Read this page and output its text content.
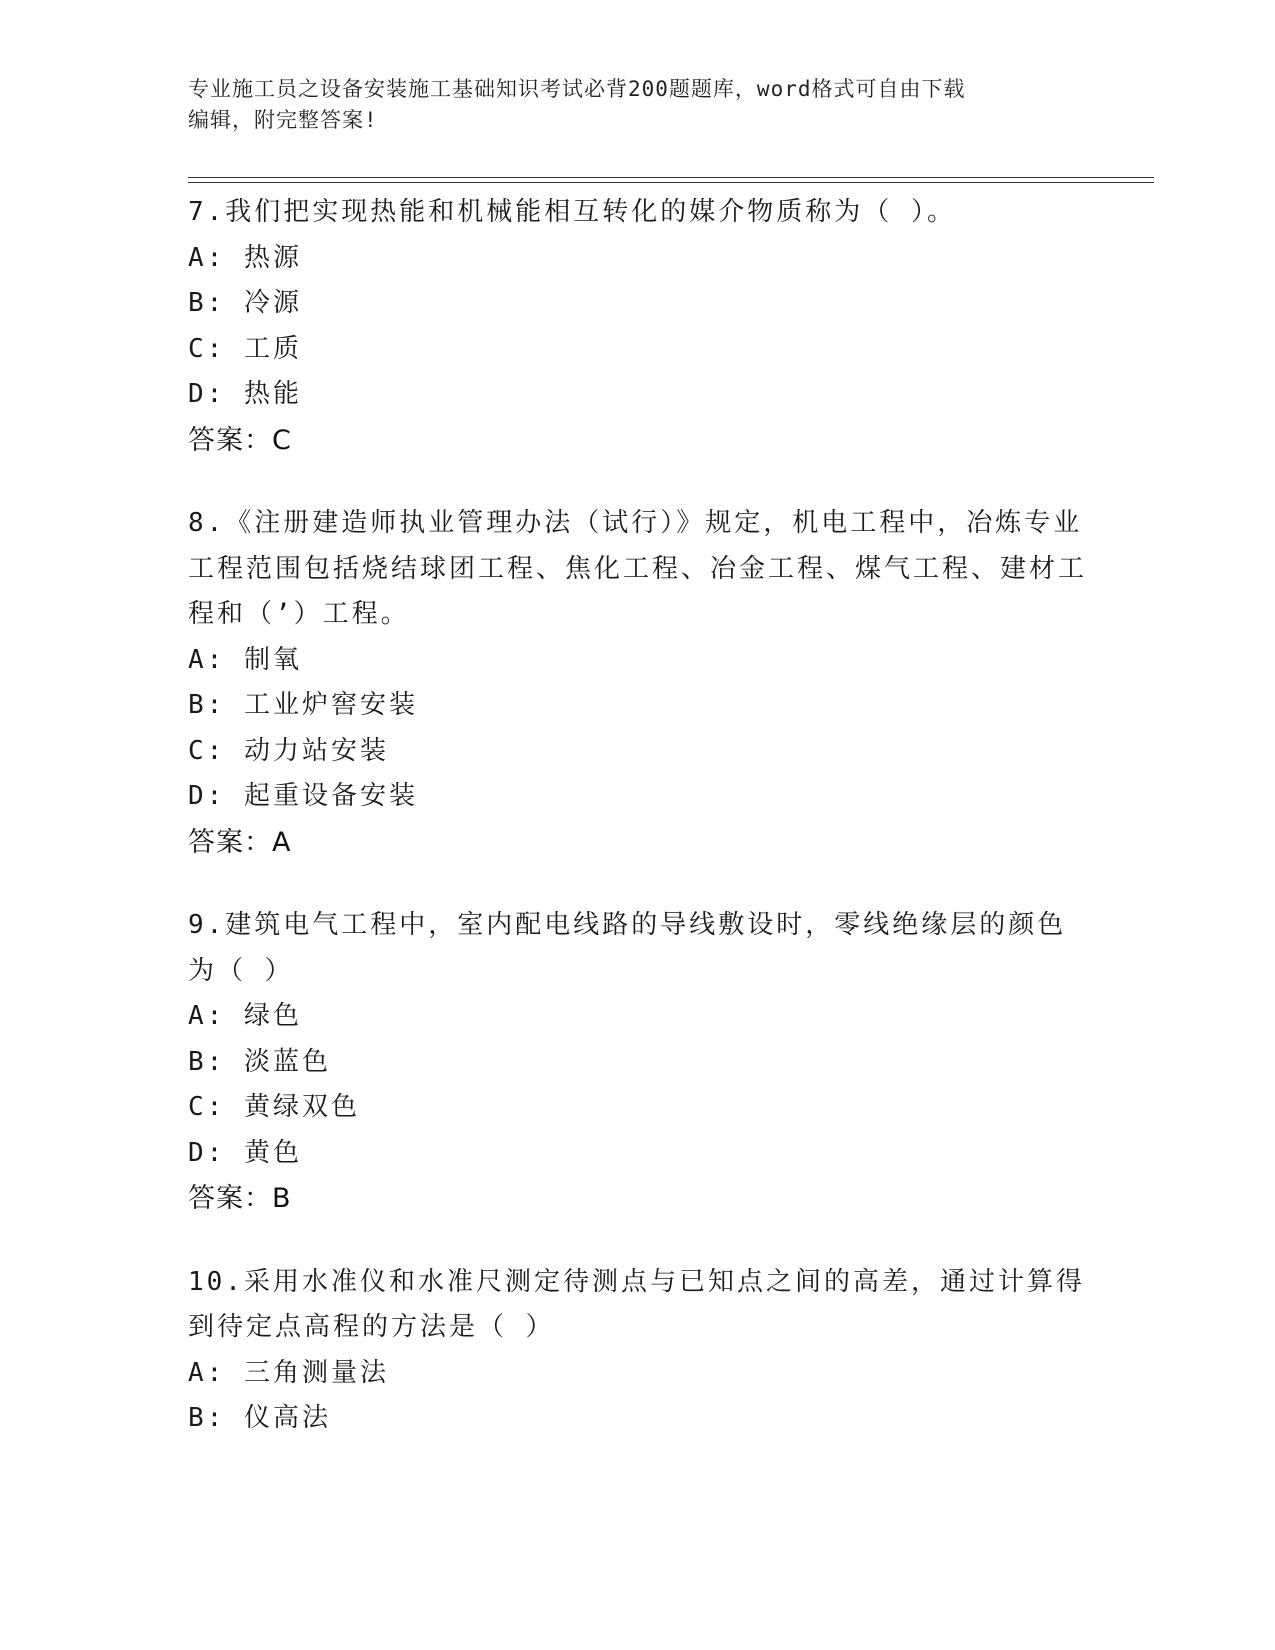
专业施工员之设备安装施工基础知识考试必背200题题库，word格式可自由下载
编辑，附完整答案!

7.我们把实现热能和机械能相互转化的媒介物质称为（ ）。

A: 热源
B: 冷源
C: 工质
D: 热能
答案：C

8.《注册建造师执业管理办法（试行）》规定，机电工程中，冶炼专业工程范围包括烧结球团工程、焦化工程、冶金工程、煤气工程、建材工程和（’）工程。

A: 制氧
B: 工业炉窖安装
C: 动力站安装
D: 起重设备安装
答案：A

9.建筑电气工程中，室内配电线路的导线敷设时，零线绝缘层的颜色为（ ）

A: 绿色
B: 淡蓝色
C: 黄绿双色
D: 黄色
答案：B

10.采用水准仪和水准尺测定待测点与已知点之间的高差，通过计算得到待定点高程的方法是（ ）

A: 三角测量法
B: 仪高法
